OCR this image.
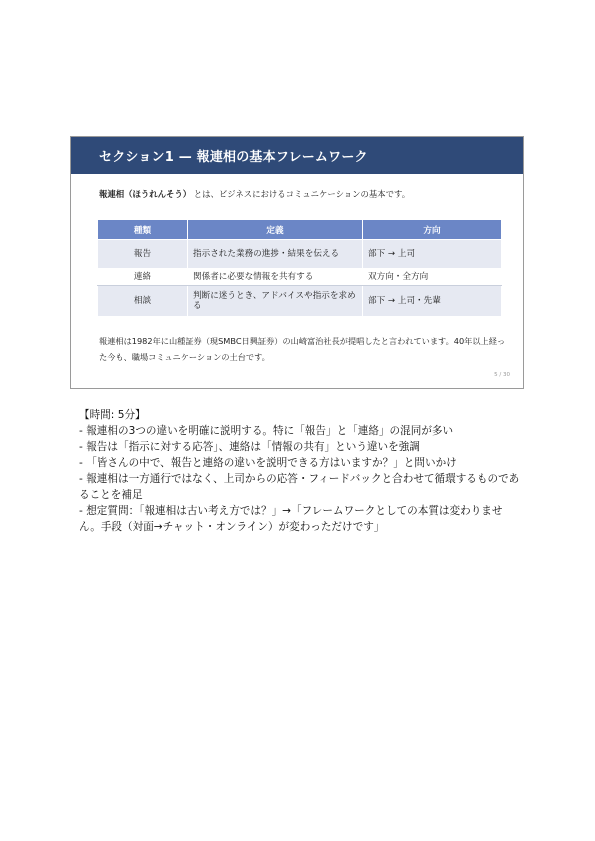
セクション1 — 報連相の基本フレームワーク
報連相（ほうれんそう） とは、ビジネスにおけるコミュニケーションの基本です。
種類	定義	方向
報告	指示された業務の進捗・結果を伝える	部下 → 上司
連絡	関係者に必要な情報を共有する	双方向・全方向
相談	判断に迷うとき、アドバイスや指示を求める	部下 → 上司・先輩
報連相は1982年に山種証券（現SMBC日興証券）の山崎富治社長が提唱したと言われています。40年以上経った今も、職場コミュニケーションの土台です。
5 / 30
【時間: 5分】
- 報連相の3つの違いを明確に説明する。特に「報告」と「連絡」の混同が多い
- 報告は「指示に対する応答」、連絡は「情報の共有」という違いを強調
- 「皆さんの中で、報告と連絡の違いを説明できる方はいますか？」と問いかけ
- 報連相は一方通行ではなく、上司からの応答・フィードバックと合わせて循環するものであることを補足
- 想定質問：「報連相は古い考え方では？」→「フレームワークとしての本質は変わりません。手段（対面→チャット・オンライン）が変わっただけです」
